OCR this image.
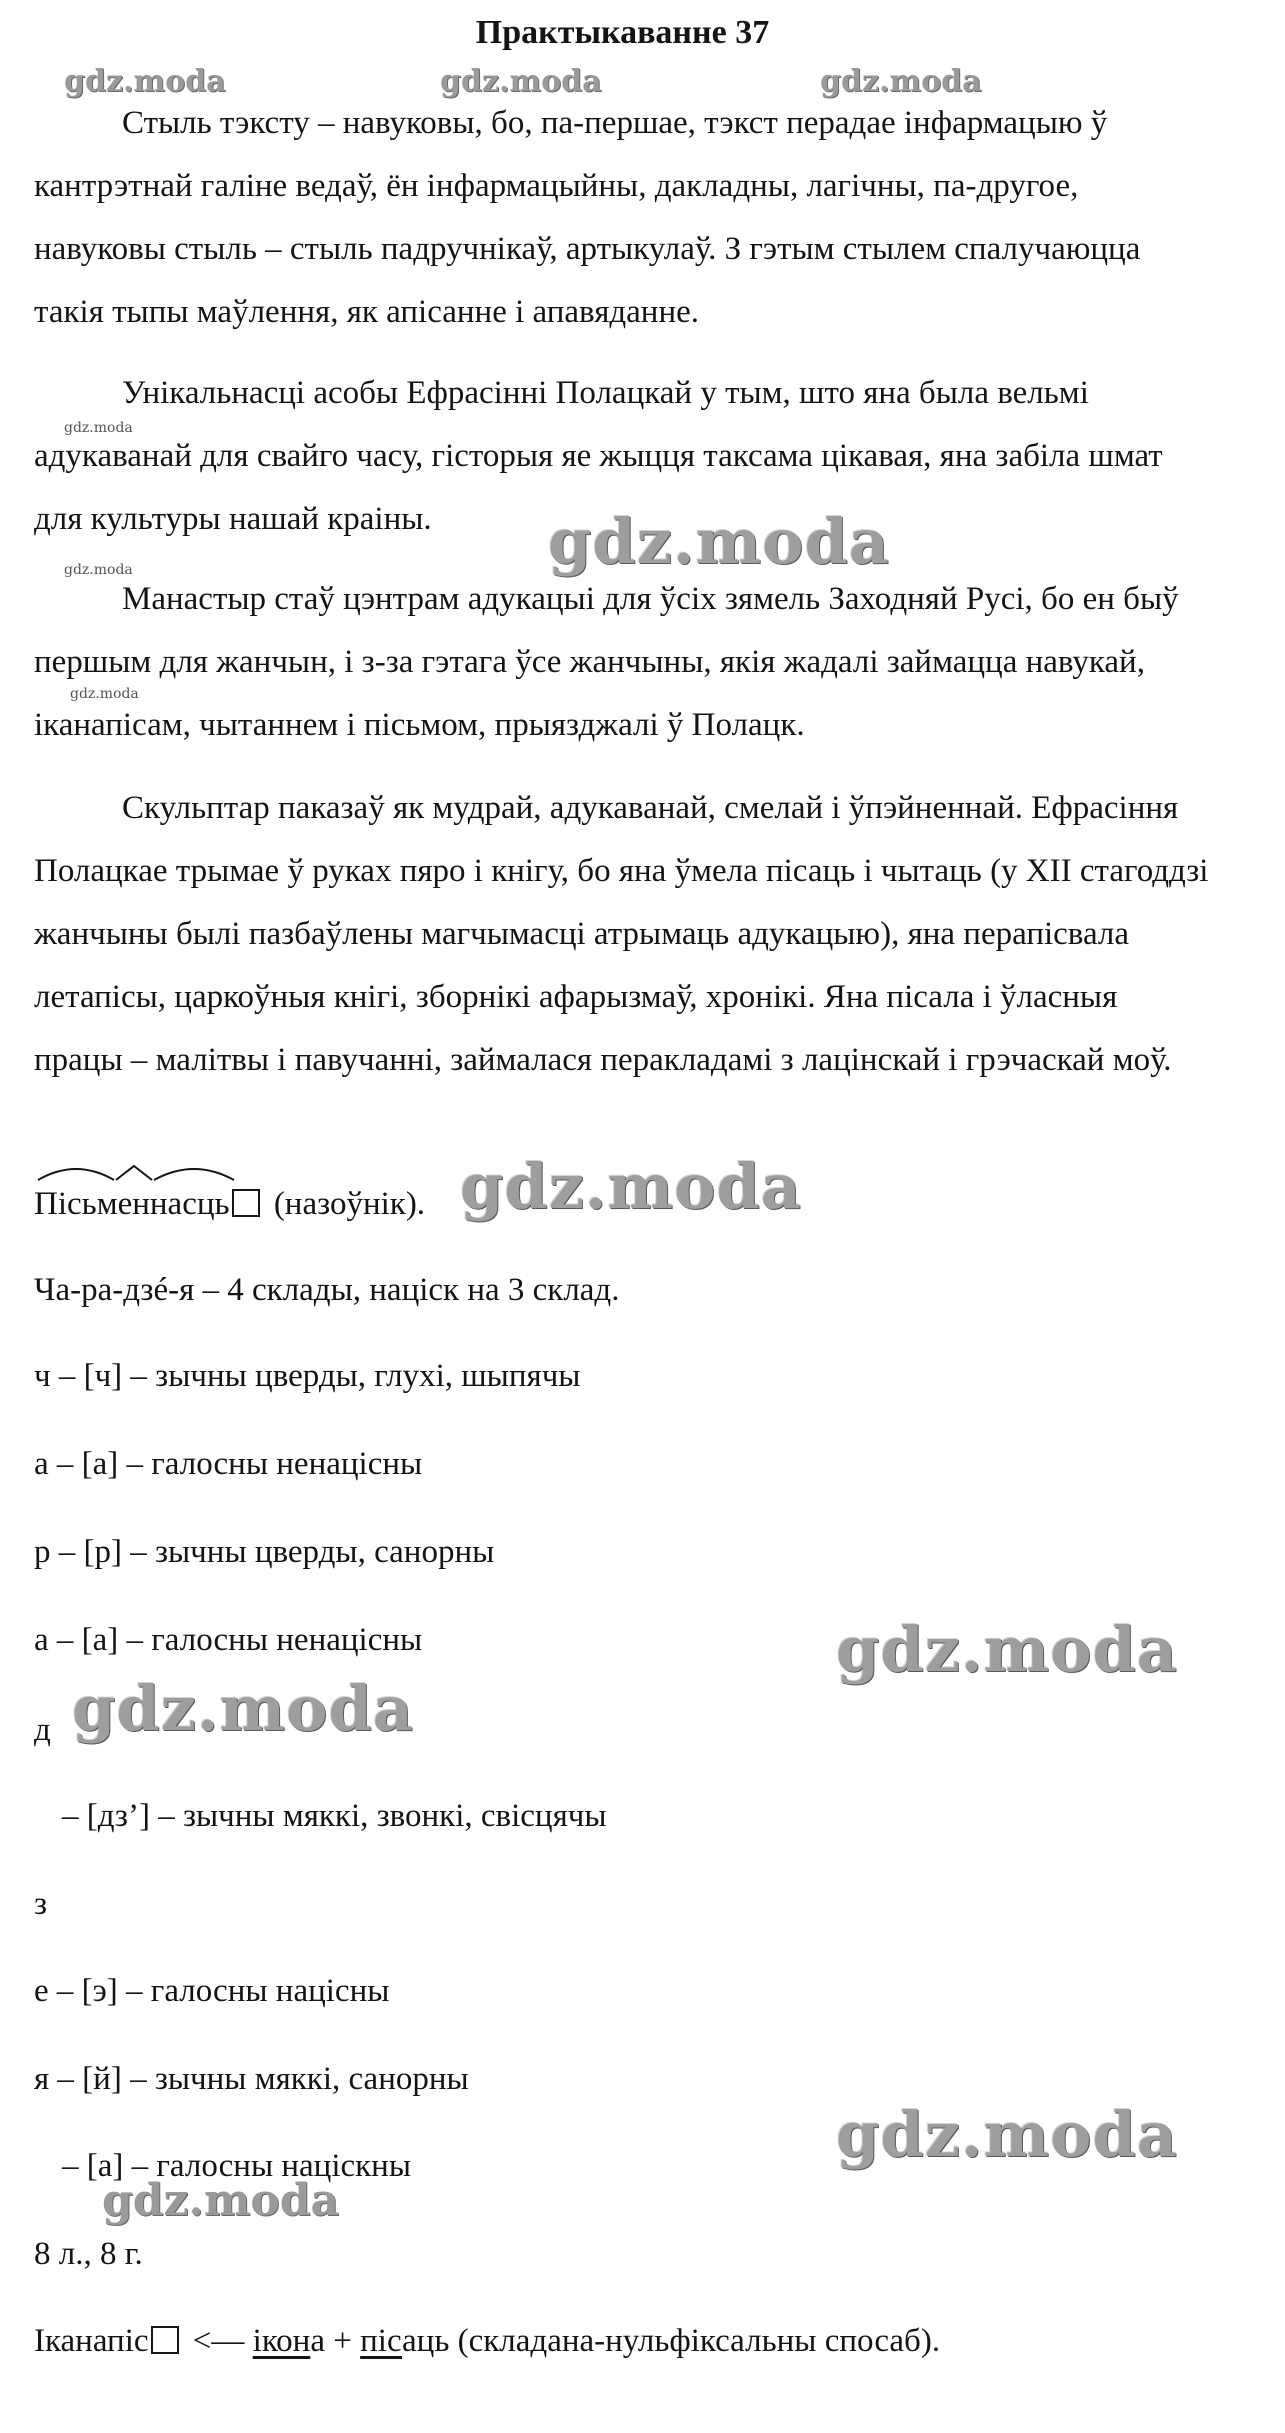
gdz.moda	gdz.moda	gdz.moda
gdz.moda
gdz.moda
gdz.moda
gdz.moda
gdz.moda
gdz.moda
gdz.moda
gdz.moda
gdz.moda
Практыкаванне 37

Стыль тэксту – навуковы, бо, па-першае, тэкст перадае інфармацыю ў кантрэтнай галіне ведаў, ён інфармацыйны, дакладны, лагічны, па-другое, навуковы стыль – стыль падручнікаў, артыкулаў. З гэтым стылем спалучаюцца такія тыпы маўлення, як апісанне і апавяданне.

Унікальнасці асобы Ефрасінні Полацкай у тым, што яна была вельмі адукаванай для свайго часу, гісторыя яе жыцця таксама цікавая, яна забіла шмат для культуры нашай краіны.

Манастыр стаў цэнтрам адукацыі для ўсіх зямель Заходняй Русі, бо ен быў першым для жанчын, і з-за гэтага ўсе жанчыны, якія жадалі займацца навукай, іканапісам, чытаннем і пісьмом, прыязджалі ў Полацк.

Скульптар паказаў як мудрай, адукаванай, смелай і ўпэйненнай. Ефрасіння Полацкае трымае ў руках пяро і кнігу, бо яна ўмела пісаць і чытаць (у XII стагоддзі жанчыны былі пазбаўлены магчымасці атрымаць адукацыю), яна перапісвала летапісы, царкоўныя кнігі, зборнікі афарызмаў, хронікі. Яна пісала і ўласныя працы – малітвы і павучанні, займалася перакладамі з лацінскай і грэчаскай моў.

Пісьменнасць (назоўнік).
Ча-ра-дзé-я – 4 склады, націск на 3 склад.
ч – [ч] – зычны цверды, глухі, шыпячы
а – [а] – галосны ненацісны
р – [р] – зычны цверды, санорны
а – [а] – галосны ненацісны
д
– [дз’] – зычны мяккі, звонкі, свісцячы
з
е – [э] – галосны націсны
я – [й] – зычны мяккі, санорны
– [а] – галосны націскны
8 л., 8 г.
Іканапіс <— ікона + пісаць (складана-нульфіксальны спосаб).
